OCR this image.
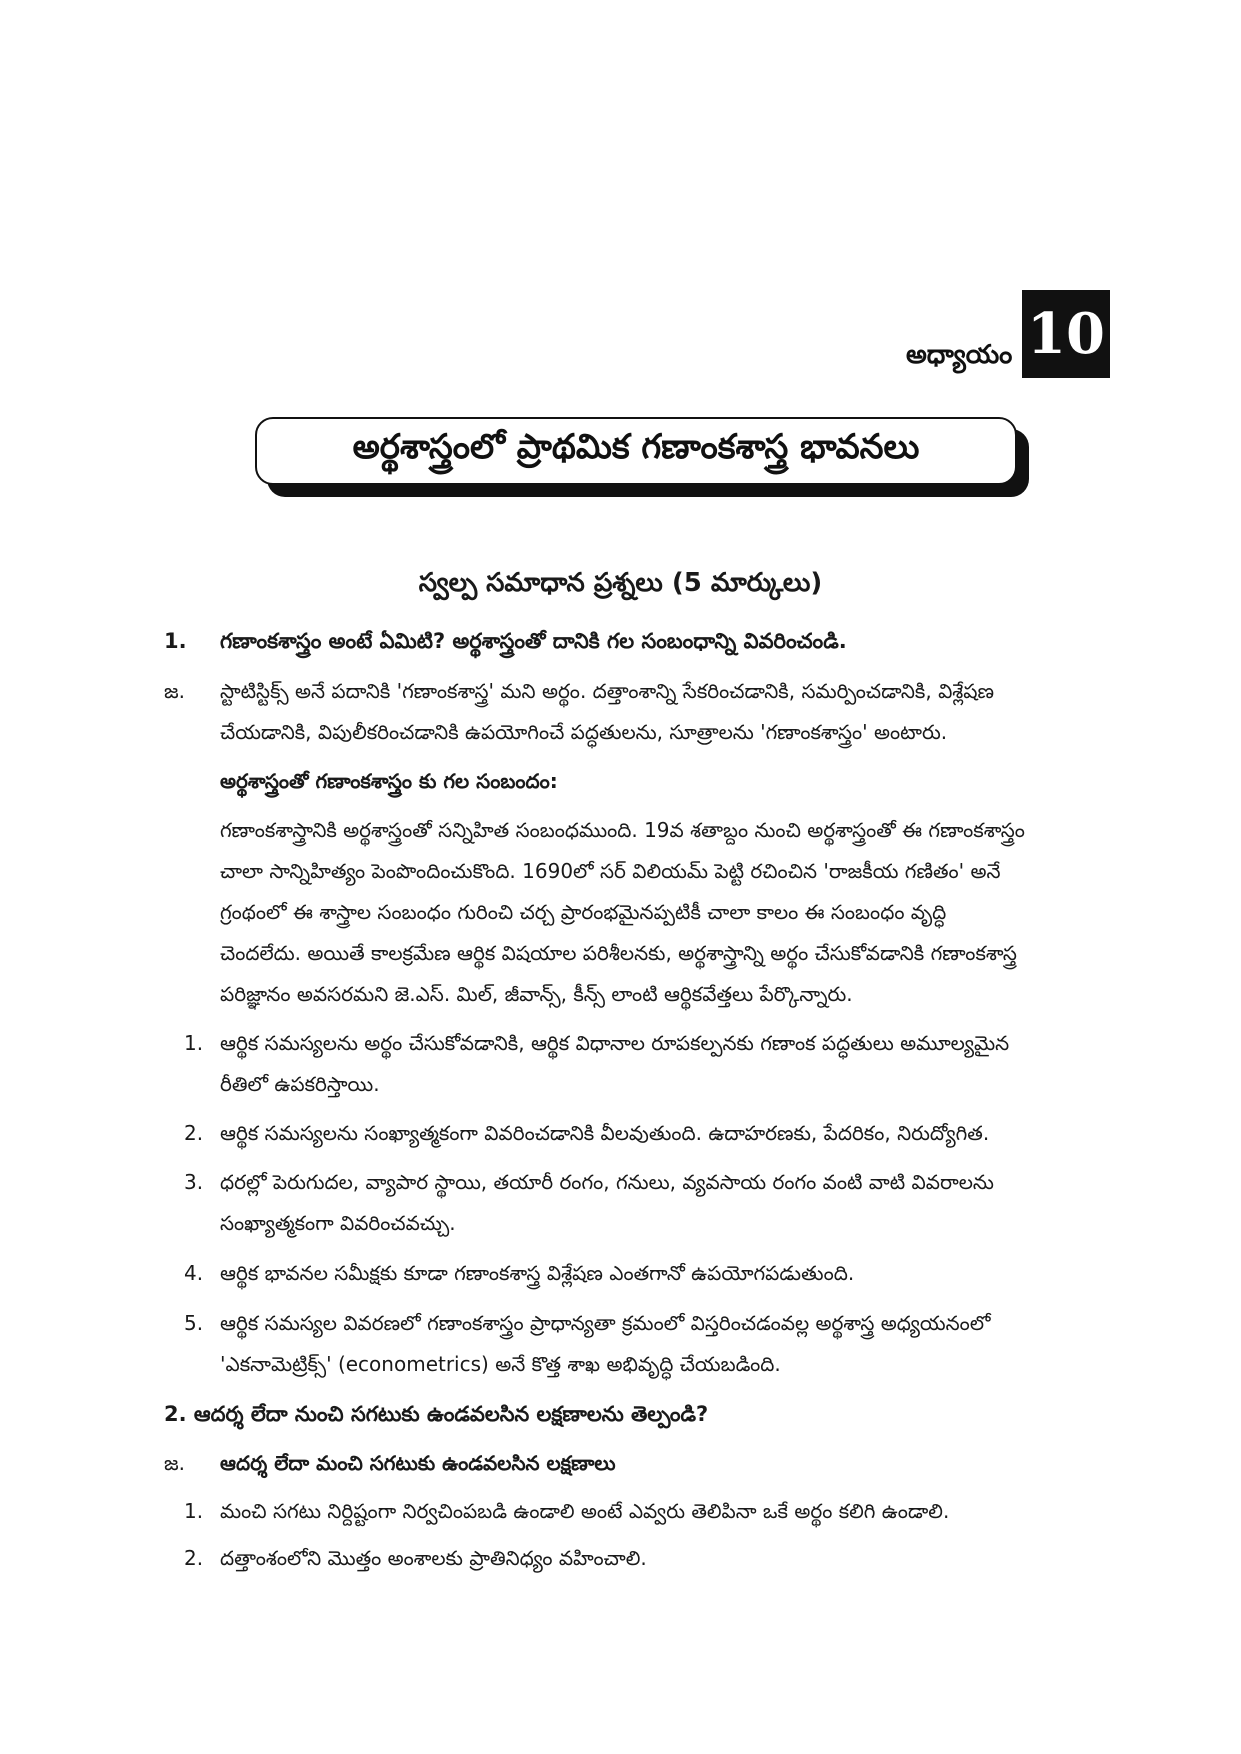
అధ్యాయం 10
అర్థశాస్త్రంలో ప్రాథమిక గణాంకశాస్త్ర భావనలు
స్వల్ప సమాధాన ప్రశ్నలు (5 మార్కులు)
1. గణాంకశాస్త్రం అంటే ఏమిటి? అర్థశాస్త్రంతో దానికి గల సంబంధాన్ని వివరించండి.
జ. స్టాటిస్టిక్స్ అనే పదానికి 'గణాంకశాస్త్ర' మని అర్థం. దత్తాంశాన్ని సేకరించడానికి, సమర్పించడానికి, విశ్లేషణ
చేయడానికి, విపులీకరించడానికి ఉపయోగించే పద్ధతులను, సూత్రాలను 'గణాంకశాస్త్రం' అంటారు.
అర్థశాస్త్రంతో గణాంకశాస్త్రం కు గల సంబందం:
గణాంకశాస్త్రానికి అర్థశాస్త్రంతో సన్నిహిత సంబంధముంది. 19వ శతాబ్దం నుంచి అర్థశాస్త్రంతో ఈ గణాంకశాస్త్రం
చాలా సాన్నిహిత్యం పెంపొందించుకొంది. 1690లో సర్ విలియమ్ పెట్టి రచించిన 'రాజకీయ గణితం' అనే
గ్రంథంలో ఈ శాస్త్రాల సంబంధం గురించి చర్చ ప్రారంభమైనప్పటికీ చాలా కాలం ఈ సంబంధం వృద్ధి
చెందలేదు. అయితే కాలక్రమేణ ఆర్థిక విషయాల పరిశీలనకు, అర్థశాస్త్రాన్ని అర్థం చేసుకోవడానికి గణాంకశాస్త్ర
పరిజ్ఞానం అవసరమని జె.ఎస్. మిల్, జీవాన్స్, కీన్స్ లాంటి ఆర్థికవేత్తలు పేర్కొన్నారు.
1. ఆర్థిక సమస్యలను అర్థం చేసుకోవడానికి, ఆర్థిక విధానాల రూపకల్పనకు గణాంక పద్ధతులు అమూల్యమైన
రీతిలో ఉపకరిస్తాయి.
2. ఆర్థిక సమస్యలను సంఖ్యాత్మకంగా వివరించడానికి వీలవుతుంది. ఉదాహరణకు, పేదరికం, నిరుద్యోగిత.
3. ధరల్లో పెరుగుదల, వ్యాపార స్థాయి, తయారీ రంగం, గనులు, వ్యవసాయ రంగం వంటి వాటి వివరాలను
సంఖ్యాత్మకంగా వివరించవచ్చు.
4. ఆర్థిక భావనల సమీక్షకు కూడా గణాంకశాస్త్ర విశ్లేషణ ఎంతగానో ఉపయోగపడుతుంది.
5. ఆర్థిక సమస్యల వివరణలో గణాంకశాస్త్రం ప్రాధాన్యతా క్రమంలో విస్తరించడంవల్ల అర్థశాస్త్ర అధ్యయనంలో
'ఎకనామెట్రిక్స్' (econometrics) అనే కొత్త శాఖ అభివృద్ధి చేయబడింది.
2. ఆదర్శ లేదా నుంచి సగటుకు ఉండవలసిన లక్షణాలను తెల్పండి?
జ. ఆదర్శ లేదా మంచి సగటుకు ఉండవలసిన లక్షణాలు
1. మంచి సగటు నిర్దిష్టంగా నిర్వచింపబడి ఉండాలి అంటే ఎవ్వరు తెలిపినా ఒకే అర్థం కలిగి ఉండాలి.
2. దత్తాంశంలోని మొత్తం అంశాలకు ప్రాతినిధ్యం వహించాలి.
